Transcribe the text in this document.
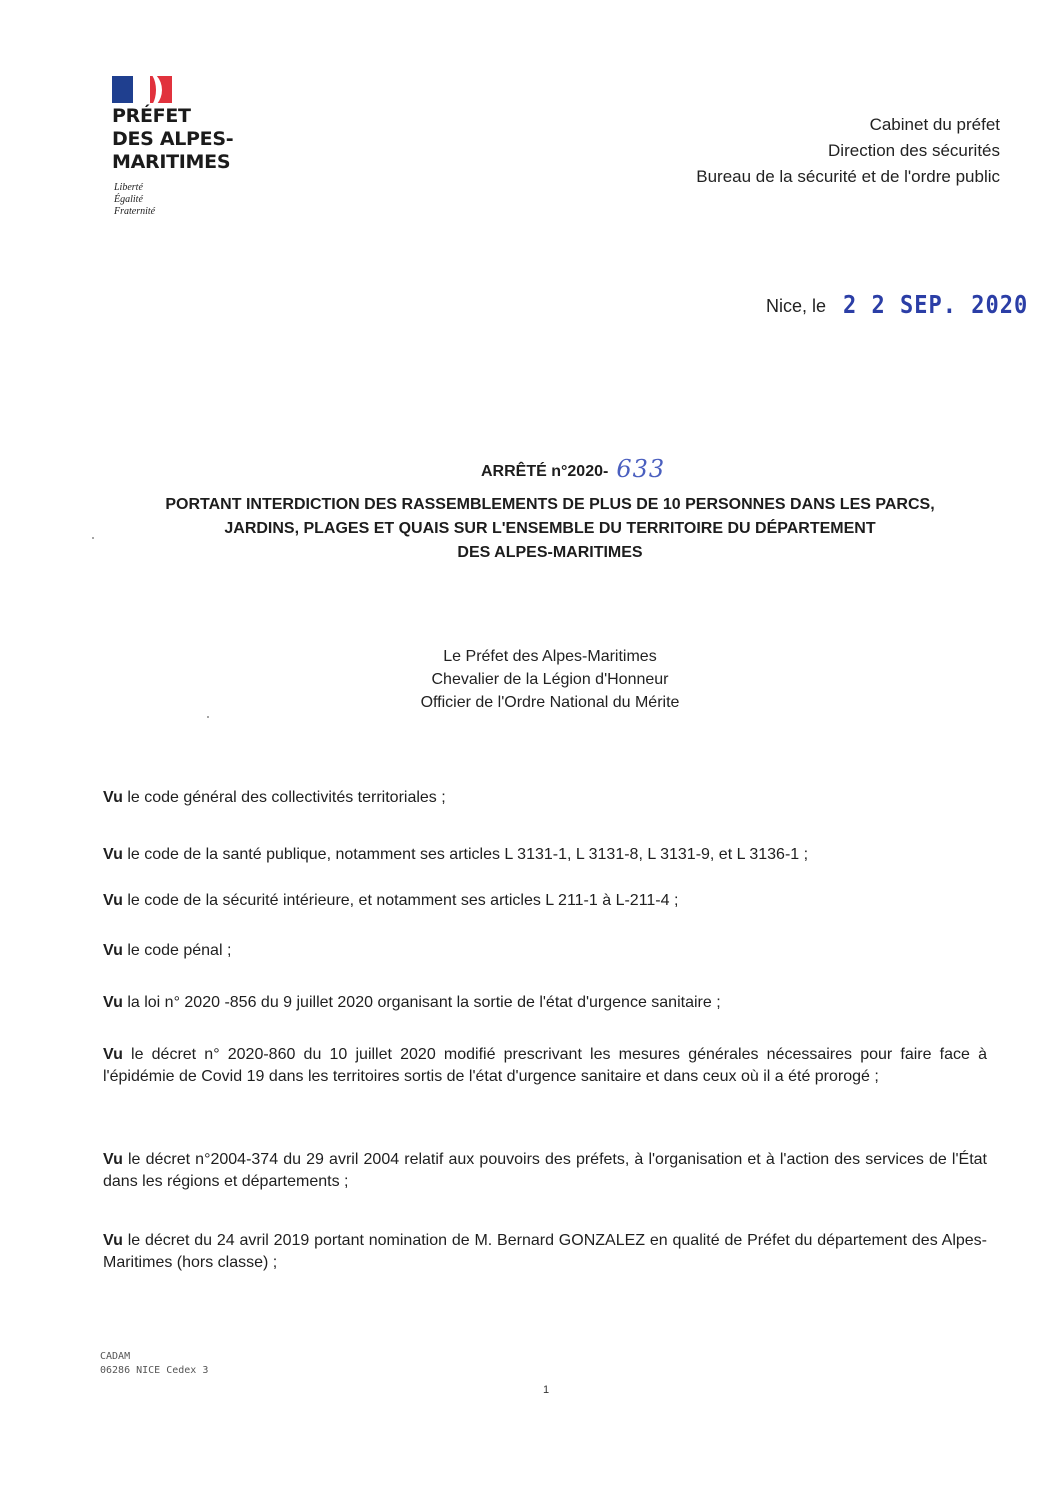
PRÉFET
DES ALPES-
MARITIMES
Liberté
Égalité
Fraternité
Cabinet du préfet
Direction des sécurités
Bureau de la sécurité et de l'ordre public
Nice, le 2 2 SEP. 2020
ARRÊTÉ n°2020- 633
PORTANT INTERDICTION DES RASSEMBLEMENTS DE PLUS DE 10 PERSONNES DANS LES PARCS,
JARDINS, PLAGES ET QUAIS SUR L'ENSEMBLE DU TERRITOIRE DU DÉPARTEMENT
DES ALPES-MARITIMES
Le Préfet des Alpes-Maritimes
Chevalier de la Légion d'Honneur
Officier de l'Ordre National du Mérite
Vu le code général des collectivités territoriales ;
Vu le code de la santé publique, notamment ses articles L 3131-1, L 3131-8, L 3131-9, et L 3136-1 ;
Vu le code de la sécurité intérieure, et notamment ses articles L 211-1 à L-211-4 ;
Vu le code pénal ;
Vu la loi n° 2020 -856 du 9 juillet 2020 organisant la sortie de l'état d'urgence sanitaire ;
Vu le décret n° 2020-860 du 10 juillet 2020 modifié prescrivant les mesures générales nécessaires pour faire face à l'épidémie de Covid 19 dans les territoires sortis de l'état d'urgence sanitaire et dans ceux où il a été prorogé ;
Vu le décret n°2004-374 du 29 avril 2004 relatif aux pouvoirs des préfets, à l'organisation et à l'action des services de l'État dans les régions et départements ;
Vu le décret du 24 avril 2019 portant nomination de M. Bernard GONZALEZ en qualité de Préfet du département des Alpes-Maritimes (hors classe) ;
CADAM
06286 NICE Cedex 3
1
